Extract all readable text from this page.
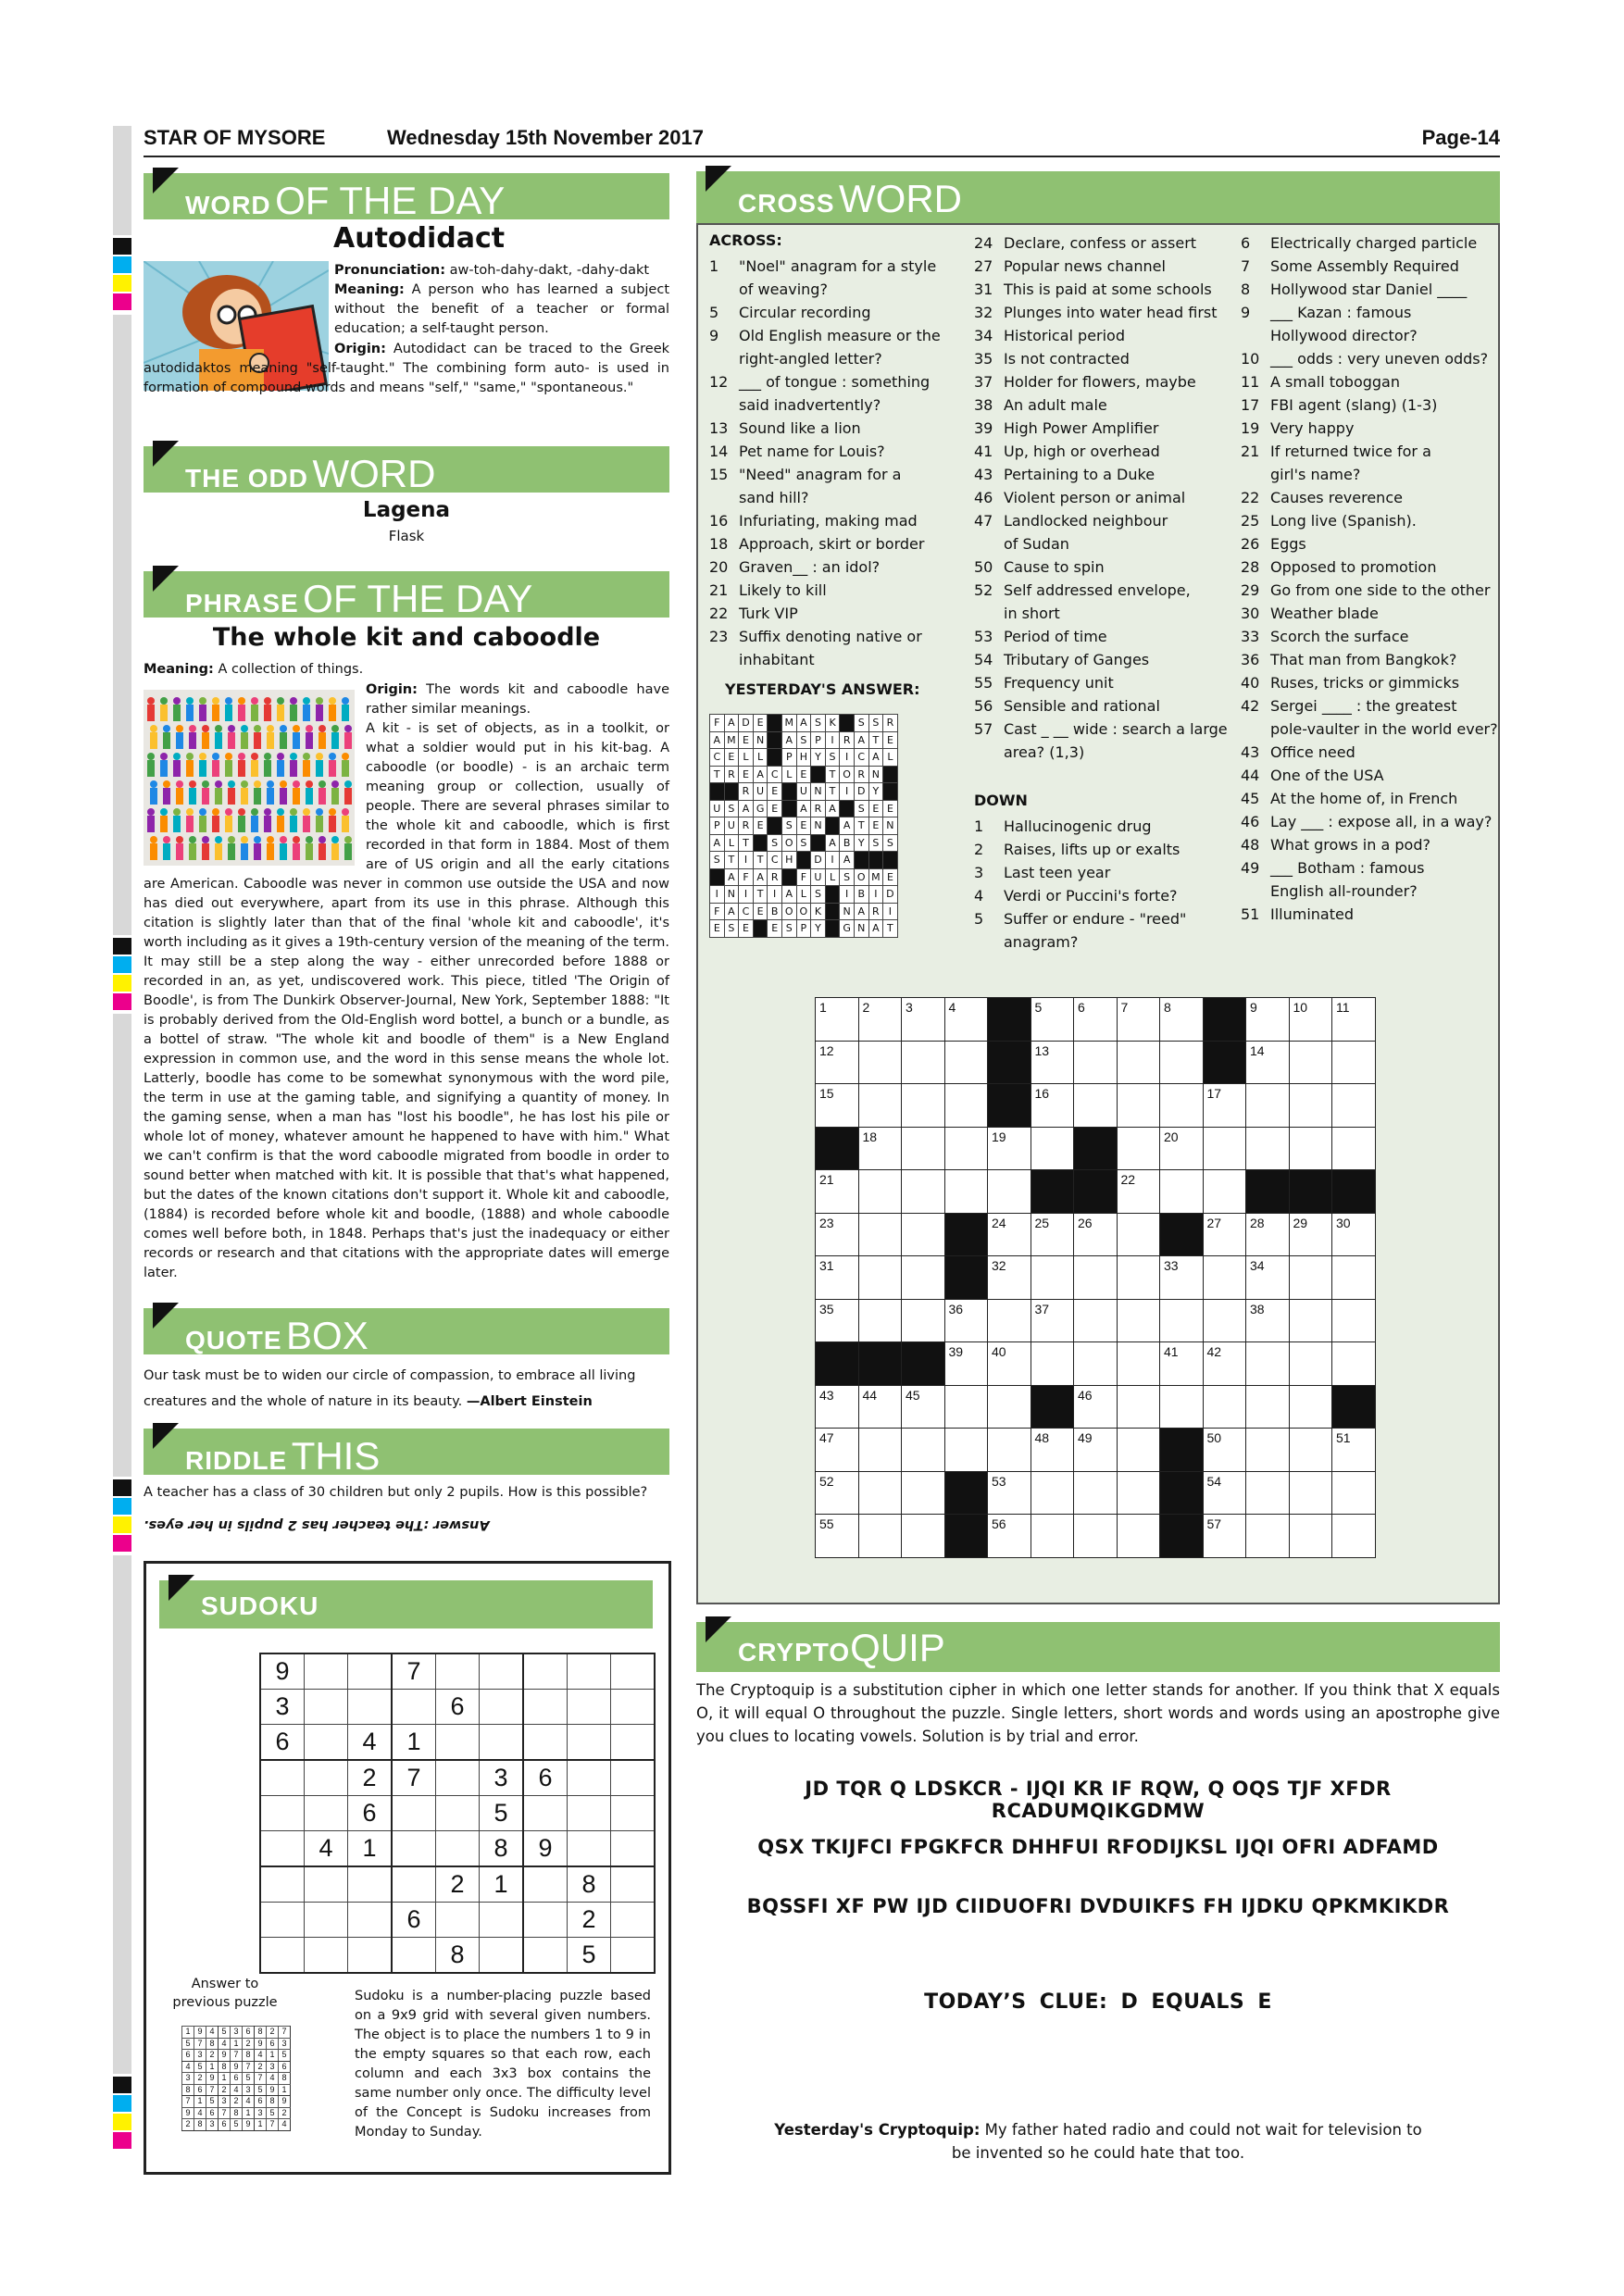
STAR OF MYSORE	Wednesday 15th November 2017	Page-14
WORD OF THE DAY
Autodidact
Pronunciation: aw-toh-dahy-dakt, -dahy-dakt
Meaning: A person who has learned a subject without the benefit of a teacher or formal education; a self-taught person.
Origin: Autodidact can be traced to the Greek autodidaktos meaning "self-taught." The combining form auto- is used in formation of compound words and means "self," "same," "spontaneous."
THE ODD WORD
Lagena
Flask
PHRASE OF THE DAY
The whole kit and caboodle
Meaning: A collection of things.
Origin: The words kit and caboodle have rather similar meanings.
A kit - is set of objects, as in a toolkit, or what a soldier would put in his kit-bag. A caboodle (or boodle) - is an archaic term meaning group or collection, usually of people. There are several phrases similar to the whole kit and caboodle, which is first recorded in that form in 1884. Most of them are of US origin and all the early citations are American. Caboodle was never in common use outside the USA and now has died out everywhere, apart from its use in this phrase. Although this citation is slightly later than that of the final 'whole kit and caboodle', it's worth including as it gives a 19th-century version of the meaning of the term. It may still be a step along the way - either unrecorded before 1888 or recorded in an, as yet, undiscovered work. This piece, titled 'The Origin of Boodle', is from The Dunkirk Observer-Journal, New York, September 1888: "It is probably derived from the Old-English word bottel, a bunch or a bundle, as a bottel of straw. "The whole kit and boodle of them" is a New England expression in common use, and the word in this sense means the whole lot. Latterly, boodle has come to be somewhat synonymous with the word pile, the term in use at the gaming table, and signifying a quantity of money. In the gaming sense, when a man has "lost his boodle", he has lost his pile or whole lot of money, whatever amount he happened to have with him." What we can't confirm is that the word caboodle migrated from boodle in order to sound better when matched with kit. It is possible that that's what happened, but the dates of the known citations don't support it. Whole kit and caboodle, (1884) is recorded before whole kit and boodle, (1888) and whole caboodle comes well before both, in 1848. Perhaps that's just the inadequacy or either records or research and that citations with the appropriate dates will emerge later.
QUOTE BOX
Our task must be to widen our circle of compassion, to embrace all living creatures and the whole of nature in its beauty. —Albert Einstein
RIDDLE THIS
A teacher has a class of 30 children but only 2 pupils. How is this possible?
Answer :The teacher has 2 pupils in her eyes.
SUDOKU
9			7					
3				6				
6		4	1					
		2	7		3	6		
		6			5			
	4	1			8	9		
				2	1		8	
			6				2	
				8			5	
Answer to previous puzzle
1	9	4	5	3	6	8	2	7
5	7	8	4	1	2	9	6	3
6	3	2	9	7	8	4	1	5
4	5	1	8	9	7	2	3	6
3	2	9	1	6	5	7	4	8
8	6	7	2	4	3	5	9	1
7	1	5	3	2	4	6	8	9
9	4	6	7	8	1	3	5	2
2	8	3	6	5	9	1	7	4
Sudoku is a number-placing puzzle based on a 9x9 grid with several given numbers. The object is to place the numbers 1 to 9 in the empty squares so that each row, each column and each 3x3 box contains the same number only once. The difficulty level of the Concept is Sudoku increases from Monday to Sunday.
CROSS WORD
ACROSS:
1 "Noel" anagram for a style
of weaving?
5 Circular recording
9 Old English measure or the
right-angled letter?
12 ___ of tongue : something
said inadvertently?
13 Sound like a lion
14 Pet name for Louis?
15 "Need" anagram for a
sand hill?
16 Infuriating, making mad
18 Approach, skirt or border
20 Graven__ : an idol?
21 Likely to kill
22 Turk VIP
23 Suffix denoting native or
inhabitant
YESTERDAY'S ANSWER:
F	A	D	E		M	A	S	K		S	S	R
A	M	E	N		A	S	P	I	R	A	T	E
C	E	L	L		P	H	Y	S	I	C	A	L
T	R	E	A	C	L	E		T	O	R	N	
		R	U	E		U	N	T	I	D	Y	
U	S	A	G	E		A	R	A		S	E	E
P	U	R	E		S	E	N		A	T	E	N
A	L	T		S	O	S		A	B	Y	S	S
S	T	I	T	C	H		D	I	A			
	A	F	A	R		F	U	L	S	O	M	E
I	N	I	T	I	A	L	S		I	B	I	D
F	A	C	E	B	O	O	K		N	A	R	I
E	S	E		E	S	P	Y		G	N	A	T
24 Declare, confess or assert
27 Popular news channel
31 This is paid at some schools
32 Plunges into water head first
34 Historical period
35 Is not contracted
37 Holder for flowers, maybe
38 An adult male
39 High Power Amplifier
41 Up, high or overhead
43 Pertaining to a Duke
46 Violent person or animal
47 Landlocked neighbour
of Sudan
50 Cause to spin
52 Self addressed envelope,
in short
53 Period of time
54 Tributary of Ganges
55 Frequency unit
56 Sensible and rational
57 Cast _ __ wide : search a large
area? (1,3)
DOWN
1 Hallucinogenic drug
2 Raises, lifts up or exalts
3 Last teen year
4 Verdi or Puccini's forte?
5 Suffer or endure - "reed"
anagram?
6 Electrically charged particle
7 Some Assembly Required
8 Hollywood star Daniel ____
9 ___ Kazan : famous
Hollywood director?
10 ___ odds : very uneven odds?
11 A small toboggan
17 FBI agent (slang) (1-3)
19 Very happy
21 If returned twice for a
girl's name?
22 Causes reverence
25 Long live (Spanish).
26 Eggs
28 Opposed to promotion
29 Go from one side to the other
30 Weather blade
33 Scorch the surface
36 That man from Bangkok?
40 Ruses, tricks or gimmicks
42 Sergei ____ : the greatest
pole-vaulter in the world ever?
43 Office need
44 One of the USA
45 At the home of, in French
46 Lay ___ : expose all, in a way?
48 What grows in a pod?
49 ___ Botham : famous
English all-rounder?
51 Illuminated
1	2	3	4		5	6	7	8		9	10	11

12					13					14		

15					16				17			

	18			19				20				

21							22					

23				24	25	26			27	28	29	30

31				32				33		34		

35			36		37					38		

			39	40				41	42			

43	44	45				46						

47					48	49			50			51

52				53					54			

55				56					57			

CRYPTOQUIP
The Cryptoquip is a substitution cipher in which one letter stands for another. If you think that X equals O, it will equal O throughout the puzzle. Single letters, short words and words using an apostrophe give you clues to locating vowels. Solution is by trial and error.
JD TQR Q LDSKCR - IJQI KR IF RQW, Q OQS TJF XFDR RCADUMQIKGDMW
QSX TKIJFCI FPGKFCR DHHFUI RFODIJKSL IJQI OFRI ADFAMD
BQSSFI XF PW IJD CIIDUOFRI DVDUIKFS FH IJDKU QPKMKIKDR
TODAY’S CLUE: D EQUALS E
Yesterday's Cryptoquip: My father hated radio and could not wait for television to be invented so he could hate that too.
